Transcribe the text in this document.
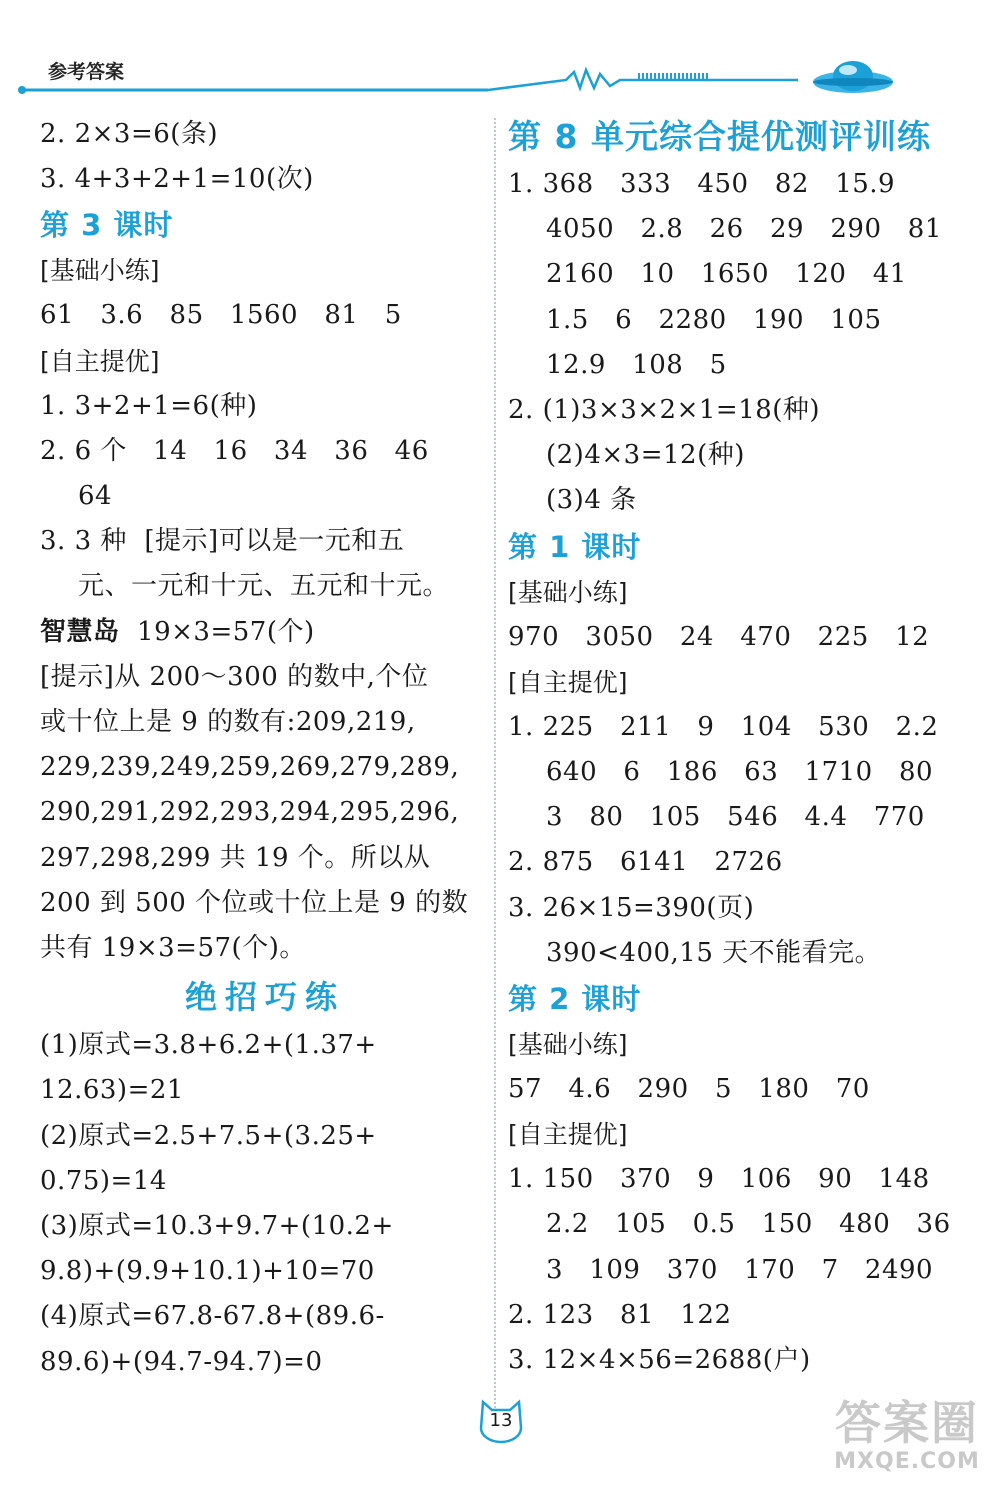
参考答案
2. 2×3=6(条)
3. 4+3+2+1=10(次)
第 3 课时
[基础小练]
61   3.6   85   1560   81   5
[自主提优]
1. 3+2+1=6(种)
2. 6 个   14   16   34   36   46
64
3. 3 种  [提示]可以是一元和五
元、一元和十元、五元和十元。
智慧岛  19×3=57(个)
[提示]从 200～300 的数中,个位
或十位上是 9 的数有:209,219,
229,239,249,259,269,279,289,
290,291,292,293,294,295,296,
297,298,299 共 19 个。所以从
200 到 500 个位或十位上是 9 的数
共有 19×3=57(个)。
绝招巧练
(1)原式=3.8+6.2+(1.37+
12.63)=21
(2)原式=2.5+7.5+(3.25+
0.75)=14
(3)原式=10.3+9.7+(10.2+
9.8)+(9.9+10.1)+10=70
(4)原式=67.8-67.8+(89.6-
89.6)+(94.7-94.7)=0
第 8 单元综合提优测评训练
1. 368   333   450   82   15.9
4050   2.8   26   29   290   81
2160   10   1650   120   41
1.5   6   2280   190   105
12.9   108   5
2. (1)3×3×2×1=18(种)
(2)4×3=12(种)
(3)4 条
第 1 课时
[基础小练]
970   3050   24   470   225   12
[自主提优]
1. 225   211   9   104   530   2.2
640   6   186   63   1710   80
3   80   105   546   4.4   770
2. 875   6141   2726
3. 26×15=390(页)
390<400,15 天不能看完。
第 2 课时
[基础小练]
57   4.6   290   5   180   70
[自主提优]
1. 150   370   9   106   90   148
2.2   105   0.5   150   480   36
3   109   370   170   7   2490
2. 123   81   122
3. 12×4×56=2688(户)
13	答案圈
MXQE.COM
